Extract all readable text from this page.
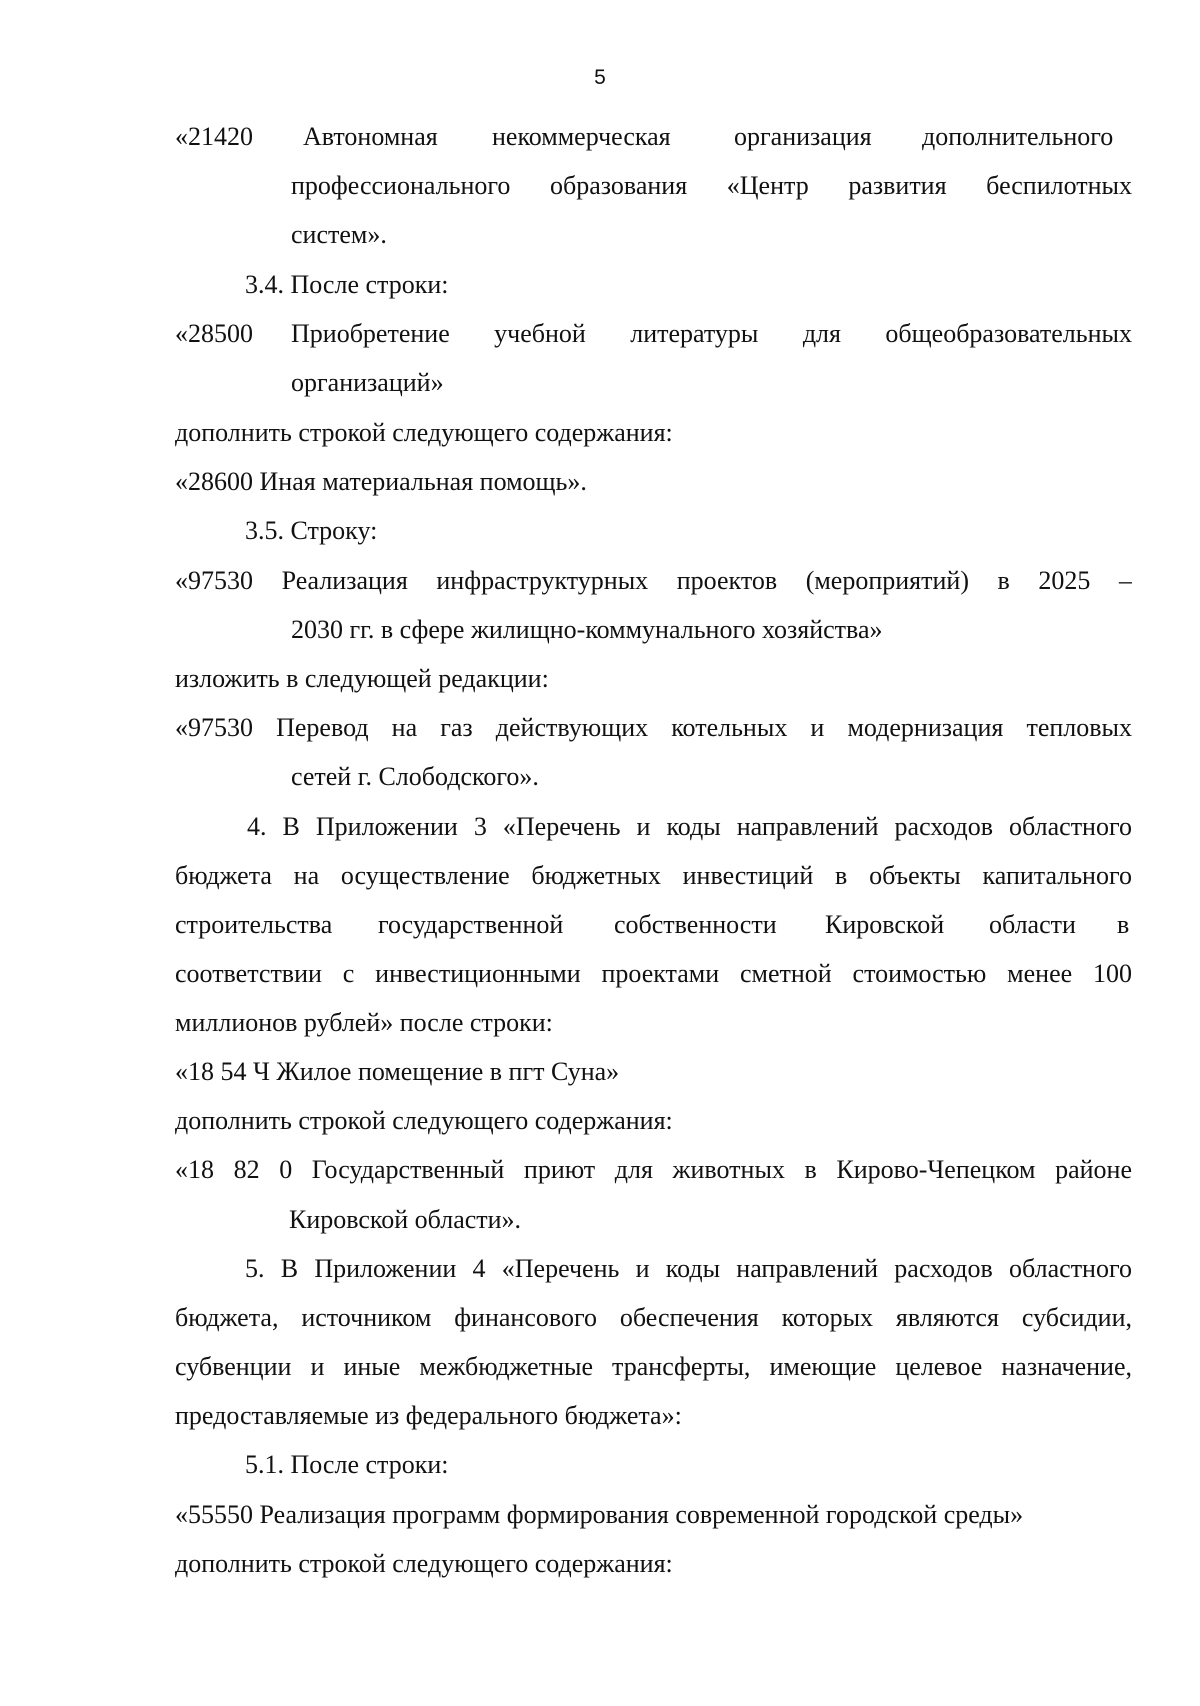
5
«21420 Автономная некоммерческая организация дополнительного
профессионального образования «Центр развития беспилотных
систем».
3.4. После строки:
«28500 Приобретение учебной литературы для общеобразовательных
организаций»
дополнить строкой следующего содержания:
«28600 Иная материальная помощь».
3.5. Строку:
«97530 Реализация инфраструктурных проектов (мероприятий) в 2025 –
2030 гг. в сфере жилищно-коммунального хозяйства»
изложить в следующей редакции:
«97530 Перевод на газ действующих котельных и модернизация тепловых
сетей г. Слободского».
4. В Приложении 3 «Перечень и коды направлений расходов областного
бюджета на осуществление бюджетных инвестиций в объекты капитального
строительства государственной собственности Кировской области в
соответствии с инвестиционными проектами сметной стоимостью менее 100
миллионов рублей» после строки:
«18 54 Ч Жилое помещение в пгт Суна»
дополнить строкой следующего содержания:
«18 82 0 Государственный приют для животных в Кирово-Чепецком районе
Кировской области».
5. В Приложении 4 «Перечень и коды направлений расходов областного
бюджета, источником финансового обеспечения которых являются субсидии,
субвенции и иные межбюджетные трансферты, имеющие целевое назначение,
предоставляемые из федерального бюджета»:
5.1. После строки:
«55550 Реализация программ формирования современной городской среды»
дополнить строкой следующего содержания:
